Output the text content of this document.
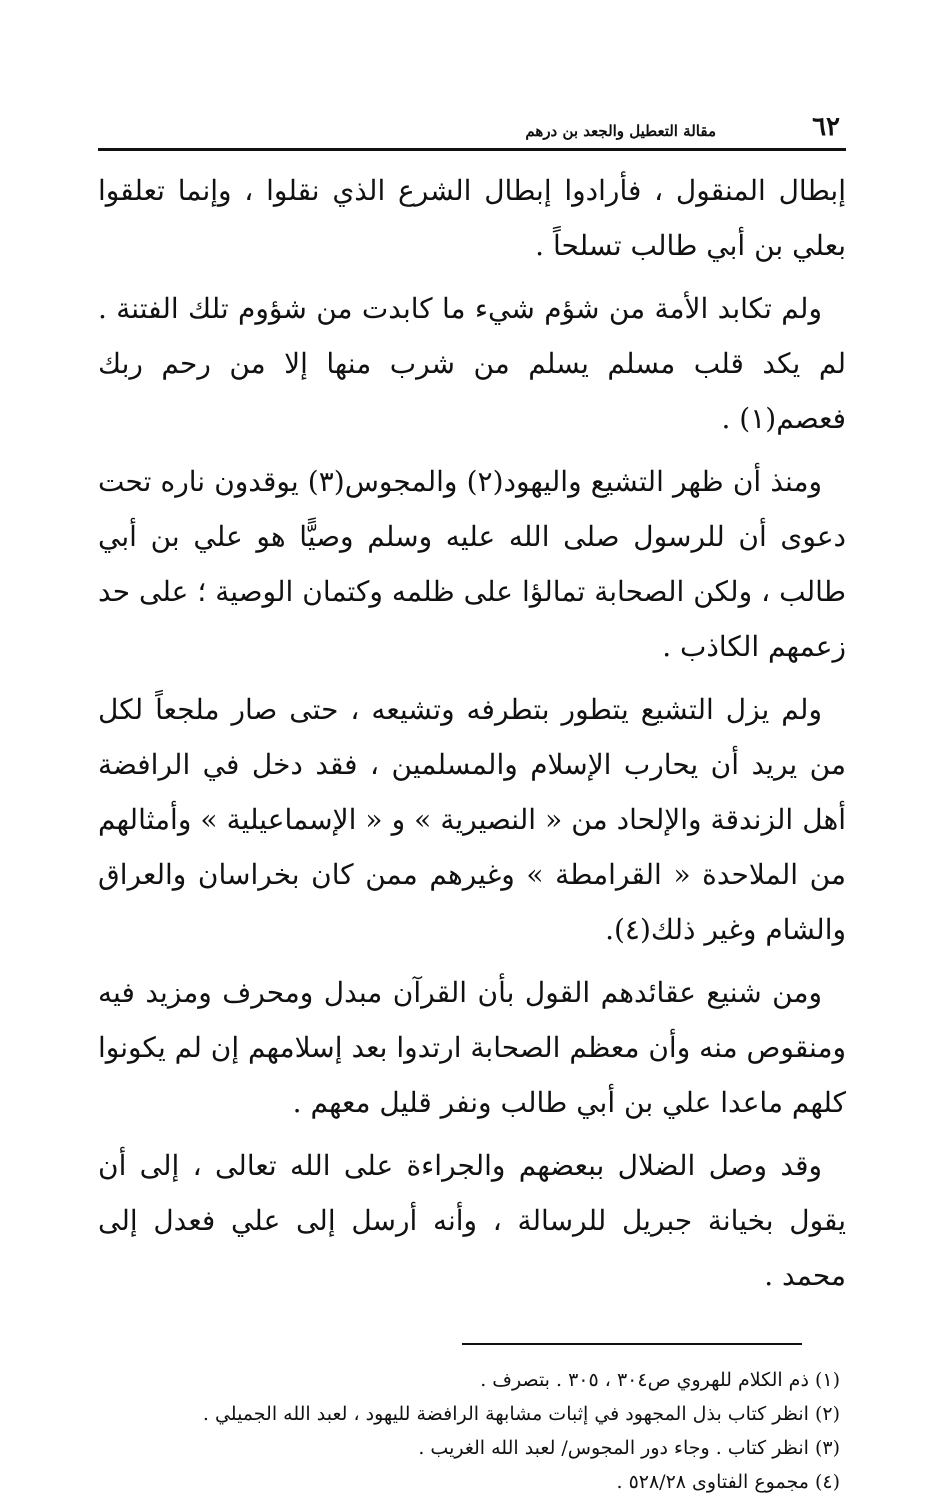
٦٢
مقالة التعطيل والجعد بن درهم

إبطال المنقول ، فأرادوا إبطال الشرع الذي نقلوا ، وإنما تعلقوا بعلي بن أبي طالب تسلحاً .

ولم تكابد الأمة من شؤم شيء ما كابدت من شؤوم تلك الفتنة . لم يكد قلب مسلم يسلم من شرب منها إلا من رحم ربك فعصم(١) .

ومنذ أن ظهر التشيع واليهود(٢) والمجوس(٣) يوقدون ناره تحت دعوى أن للرسول صلى الله عليه وسلم وصيًّا هو علي بن أبي طالب ، ولكن الصحابة تمالؤا على ظلمه وكتمان الوصية ؛ على حد زعمهم الكاذب .

ولم يزل التشيع يتطور بتطرفه وتشيعه ، حتى صار ملجعاً لكل من يريد أن يحارب الإسلام والمسلمين ، فقد دخل في الرافضة أهل الزندقة والإلحاد من « النصيرية » و « الإسماعيلية » وأمثالهم من الملاحدة « القرامطة » وغيرهم ممن كان بخراسان والعراق والشام وغير ذلك(٤).

ومن شنيع عقائدهم القول بأن القرآن مبدل ومحرف ومزيد فيه ومنقوص منه وأن معظم الصحابة ارتدوا بعد إسلامهم إن لم يكونوا كلهم ماعدا علي بن أبي طالب ونفر قليل معهم .

وقد وصل الضلال ببعضهم والجراءة على الله تعالى ، إلى أن يقول بخيانة جبريل للرسالة ، وأنه أرسل إلى علي فعدل إلى محمد .

(١) ذم الكلام للهروي ص٣٠٤ ، ٣٠٥ . بتصرف .
(٢) انظر كتاب بذل المجهود في إثبات مشابهة الرافضة لليهود ، لعبد الله الجميلي .
(٣) انظر كتاب . وجاء دور المجوس/ لعبد الله الغريب .
(٤) مجموع الفتاوى ٥٢٨/٢٨ .
